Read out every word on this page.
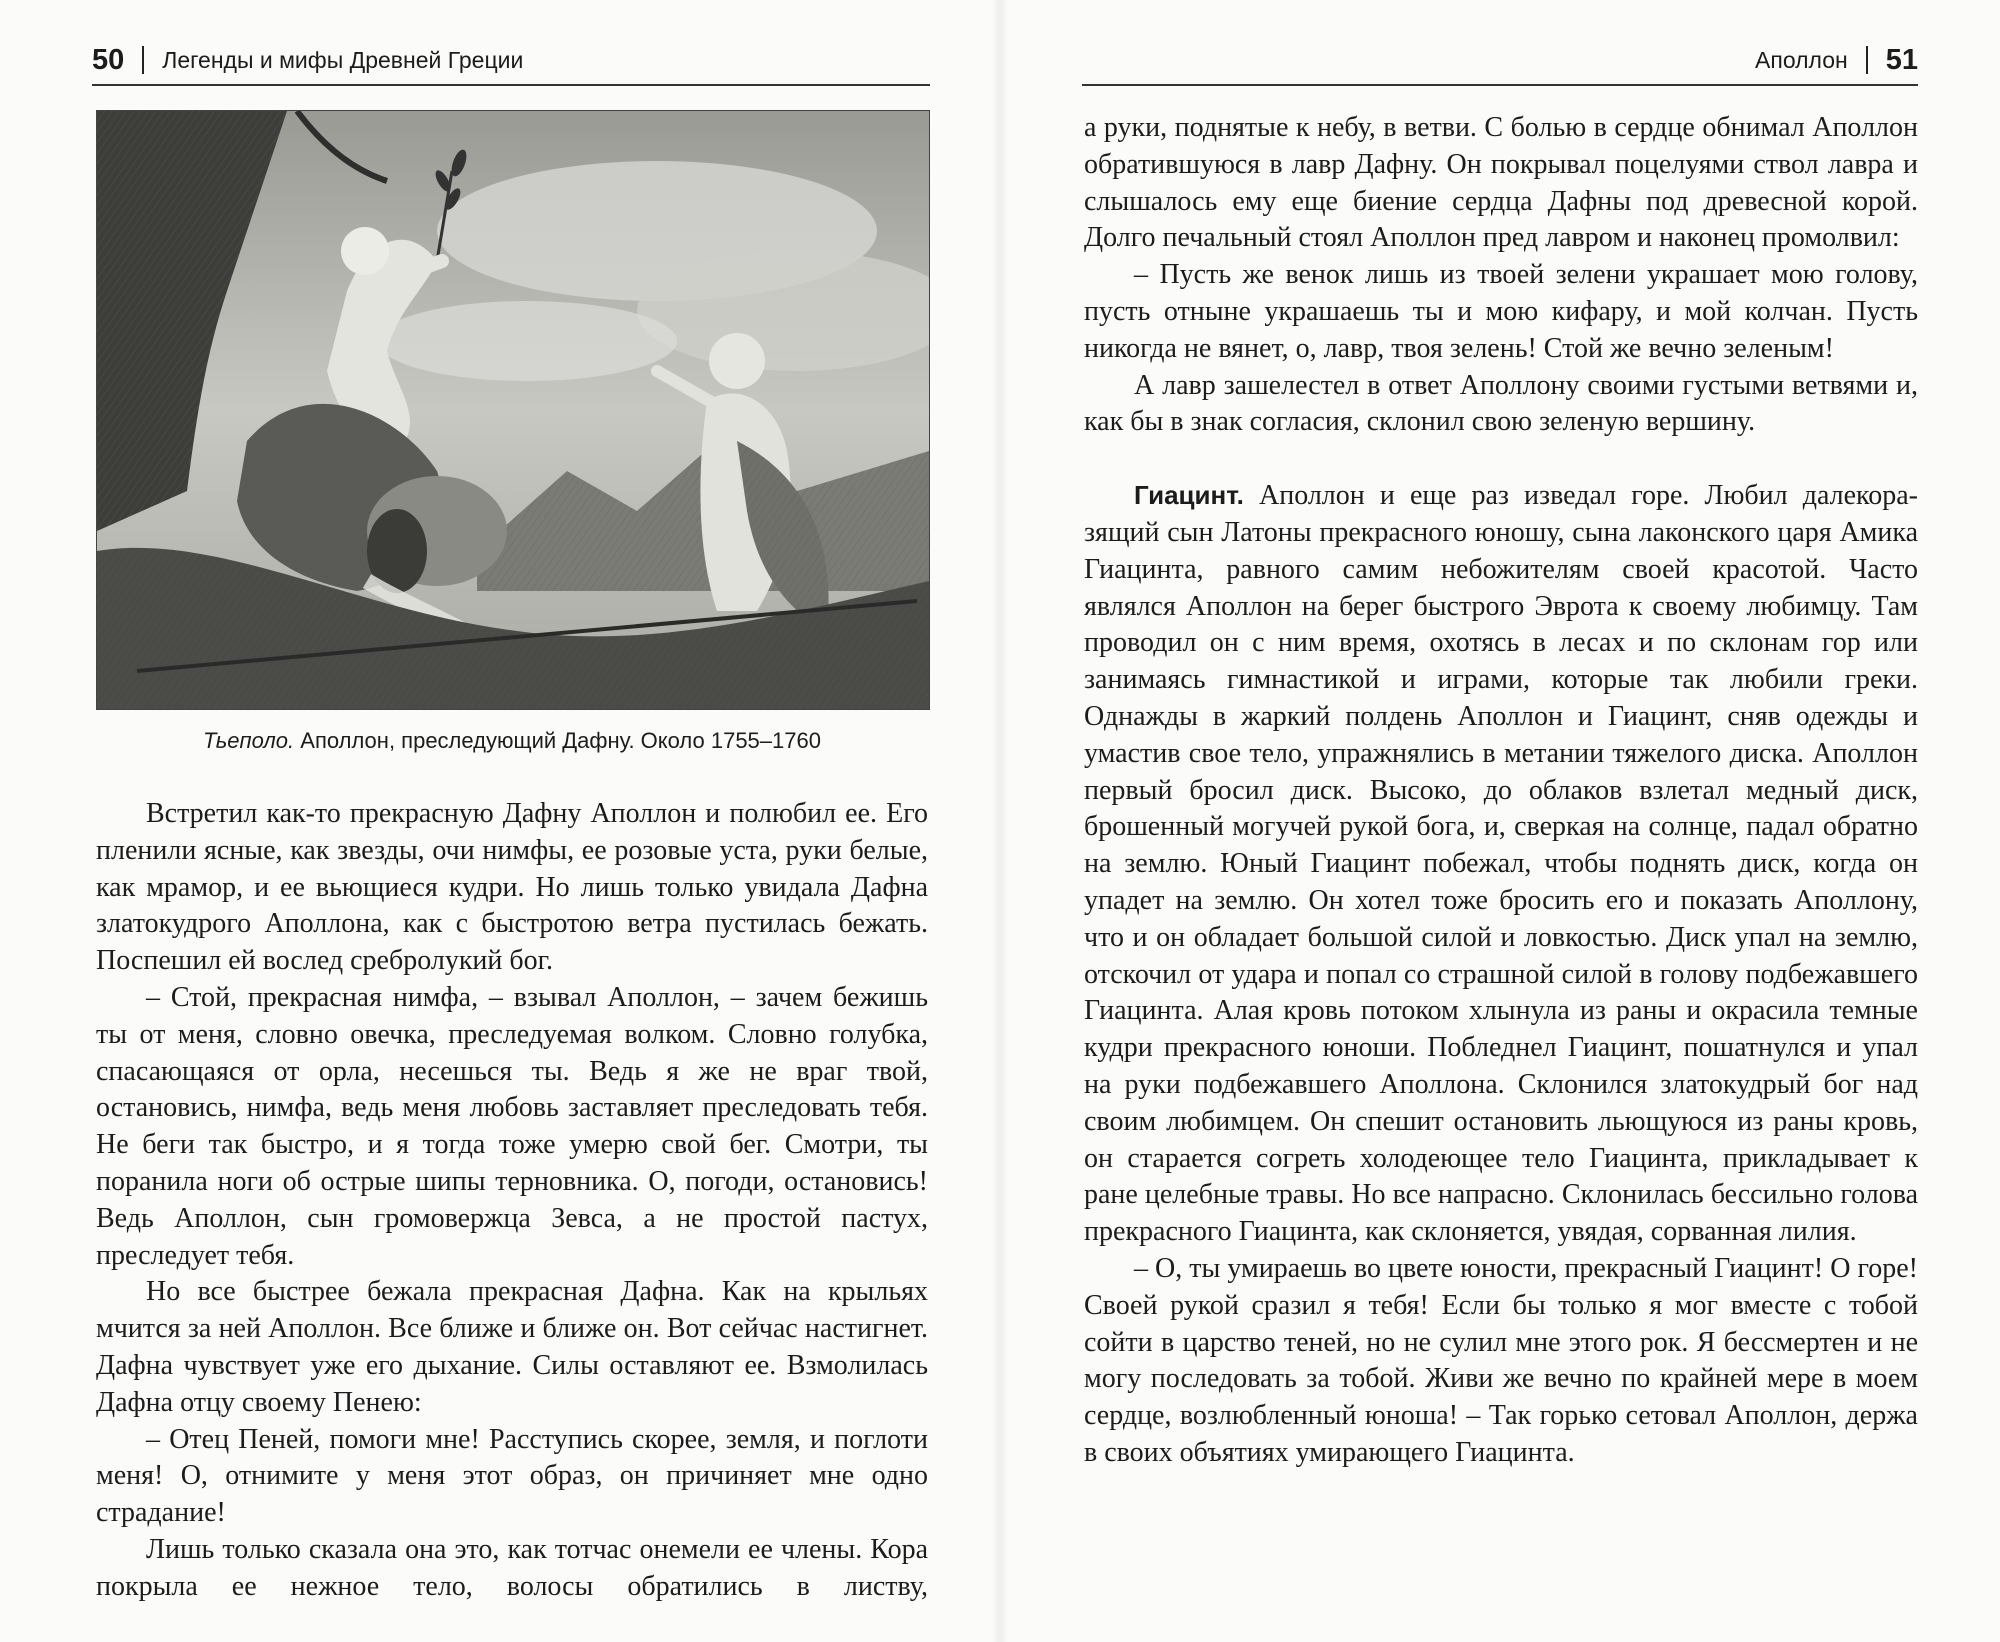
50 Легенды и мифы Древней Греции
Тьеполо. Аполлон, преследующий Дафну. Около 1755–1760

Встретил как-то прекрасную Дафну Аполлон и полюбил ее. Его пленили ясные, как звезды, очи нимфы, ее розовые уста, руки белые, как мрамор, и ее вьющиеся кудри. Но лишь только увидала Дафна златокудрого Аполлона, как с быстротою ветра пустилась бежать. Поспешил ей вослед сребролукий бог.

– Стой, прекрасная нимфа, – взывал Аполлон, – зачем бежишь ты от меня, словно овечка, преследуемая волком. Словно голубка, спасающаяся от орла, несешься ты. Ведь я же не враг твой, остановись, нимфа, ведь меня любовь заставляет преследовать тебя. Не беги так быстро, и я тогда тоже умерю свой бег. Смотри, ты поранила ноги об острые шипы терновника. О, погоди, остановись! Ведь Аполлон, сын громовержца Зевса, а не простой пастух, преследует тебя.

Но все быстрее бежала прекрасная Дафна. Как на крыльях мчится за ней Аполлон. Все ближе и ближе он. Вот сейчас настигнет. Дафна чувствует уже его дыхание. Силы оставляют ее. Взмолилась Дафна отцу своему Пенею:

– Отец Пеней, помоги мне! Расступись скорее, земля, и поглоти меня! О, отнимите у меня этот образ, он причиняет мне одно страдание!

Лишь только сказала она это, как тотчас онемели ее члены. Кора покрыла ее нежное тело, волосы обратились в листву,

Аполлон 51

а руки, поднятые к небу, в ветви. С болью в сердце обнимал Аполлон обратившуюся в лавр Дафну. Он покрывал поцелуями ствол лавра и слышалось ему еще биение сердца Дафны под древесной корой. Долго печальный стоял Аполлон пред лавром и наконец промолвил:

– Пусть же венок лишь из твоей зелени украшает мою голову, пусть отныне украшаешь ты и мою кифару, и мой колчан. Пусть никогда не вянет, о, лавр, твоя зелень! Стой же вечно зеленым!

А лавр зашелестел в ответ Аполлону своими густыми ветвями и, как бы в знак согласия, склонил свою зеленую вершину.

Гиацинт. Аполлон и еще раз изведал горе. Любил далекоразящий сын Латоны прекрасного юношу, сына лаконского царя Амика Гиацинта, равного самим небожителям своей красотой. Часто являлся Аполлон на берег быстрого Эврота к своему любимцу. Там проводил он с ним время, охотясь в лесах и по склонам гор или занимаясь гимнастикой и играми, которые так любили греки. Однажды в жаркий полдень Аполлон и Гиацинт, сняв одежды и умастив свое тело, упражнялись в метании тяжелого диска. Аполлон первый бросил диск. Высоко, до облаков взлетал медный диск, брошенный могучей рукой бога, и, сверкая на солнце, падал обратно на землю. Юный Гиацинт побежал, чтобы поднять диск, когда он упадет на землю. Он хотел тоже бросить его и показать Аполлону, что и он обладает большой силой и ловкостью. Диск упал на землю, отскочил от удара и попал со страшной силой в голову подбежавшего Гиацинта. Алая кровь потоком хлынула из раны и окрасила темные кудри прекрасного юноши. Побледнел Гиацинт, пошатнулся и упал на руки подбежавшего Аполлона. Склонился златокудрый бог над своим любимцем. Он спешит остановить льющуюся из раны кровь, он старается согреть холодеющее тело Гиацинта, прикладывает к ране целебные травы. Но все напрасно. Склонилась бессильно голова прекрасного Гиацинта, как склоняется, увядая, сорванная лилия.

– О, ты умираешь во цвете юности, прекрасный Гиацинт! О горе! Своей рукой сразил я тебя! Если бы только я мог вместе с тобой сойти в царство теней, но не сулил мне этого рок. Я бессмертен и не могу последовать за тобой. Живи же вечно по крайней мере в моем сердце, возлюбленный юноша! – Так горько сетовал Аполлон, держа в своих объятиях умирающего Гиацинта.
